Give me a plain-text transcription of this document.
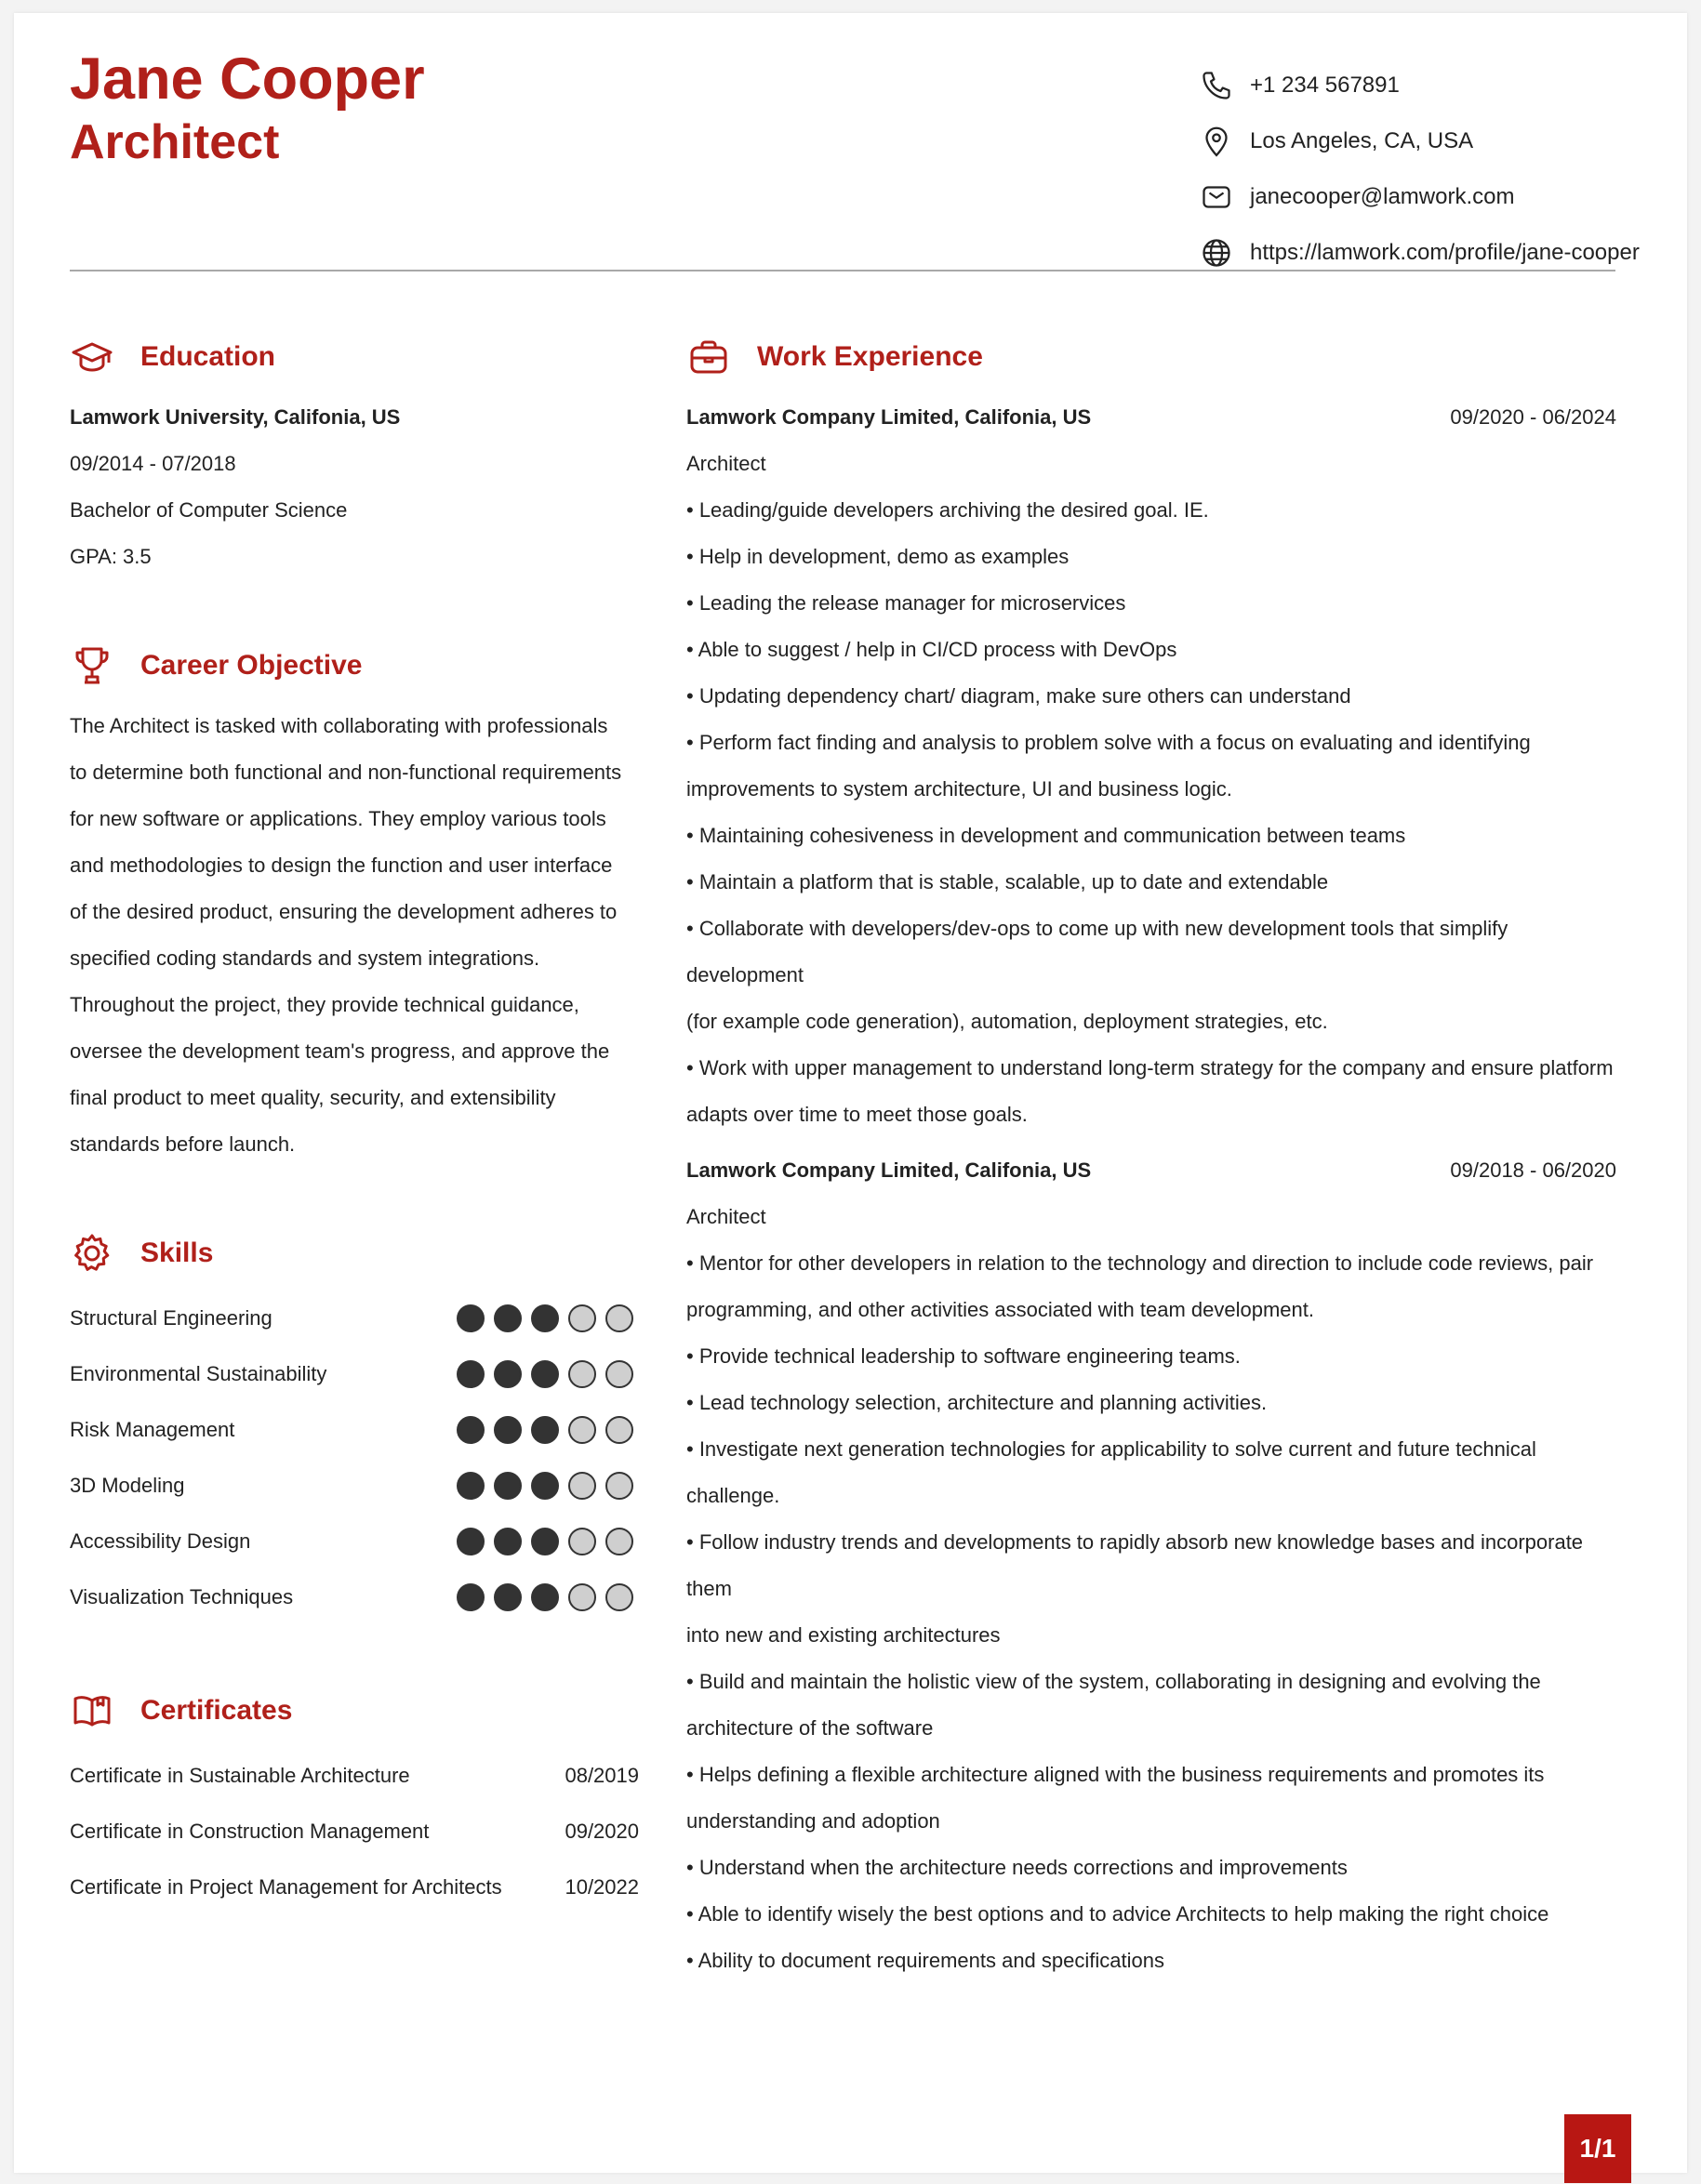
Jane Cooper
Architect
+1 234 567891
Los Angeles, CA, USA
janecooper@lamwork.com
https://lamwork.com/profile/jane-cooper
Education

Lamwork University, Califonia, US

09/2014 - 07/2018

Bachelor of Computer Science

GPA: 3.5

Career Objective

The Architect is tasked with collaborating with professionals

to determine both functional and non-functional requirements

for new software or applications. They employ various tools

and methodologies to design the function and user interface

of the desired product, ensuring the development adheres to

specified coding standards and system integrations.

Throughout the project, they provide technical guidance,

oversee the development team's progress, and approve the

final product to meet quality, security, and extensibility

standards before launch.

Skills
Structural Engineering
Environmental Sustainability
Risk Management
3D Modeling
Accessibility Design
Visualization Techniques
Certificates
Certificate in Sustainable Architecture	08/2019
Certificate in Construction Management	09/2020
Certificate in Project Management for Architects	10/2022
Work Experience
Lamwork Company Limited, Califonia, US	09/2020 - 06/2024

Architect

• Leading/guide developers archiving the desired goal. IE.

• Help in development, demo as examples

• Leading the release manager for microservices

• Able to suggest / help in CI/CD process with DevOps

• Updating dependency chart/ diagram, make sure others can understand

• Perform fact finding and analysis to problem solve with a focus on evaluating and identifying

improvements to system architecture, UI and business logic.

• Maintaining cohesiveness in development and communication between teams

• Maintain a platform that is stable, scalable, up to date and extendable

• Collaborate with developers/dev-ops to come up with new development tools that simplify development

(for example code generation), automation, deployment strategies, etc.

• Work with upper management to understand long-term strategy for the company and ensure platform

adapts over time to meet those goals.

Lamwork Company Limited, Califonia, US	09/2018 - 06/2020

Architect

• Mentor for other developers in relation to the technology and direction to include code reviews, pair

programming, and other activities associated with team development.

• Provide technical leadership to software engineering teams.

• Lead technology selection, architecture and planning activities.

• Investigate next generation technologies for applicability to solve current and future technical

challenge.

• Follow industry trends and developments to rapidly absorb new knowledge bases and incorporate them

into new and existing architectures

• Build and maintain the holistic view of the system, collaborating in designing and evolving the

architecture of the software

• Helps defining a flexible architecture aligned with the business requirements and promotes its

understanding and adoption

• Understand when the architecture needs corrections and improvements

• Able to identify wisely the best options and to advice Architects to help making the right choice

• Ability to document requirements and specifications

1/1
